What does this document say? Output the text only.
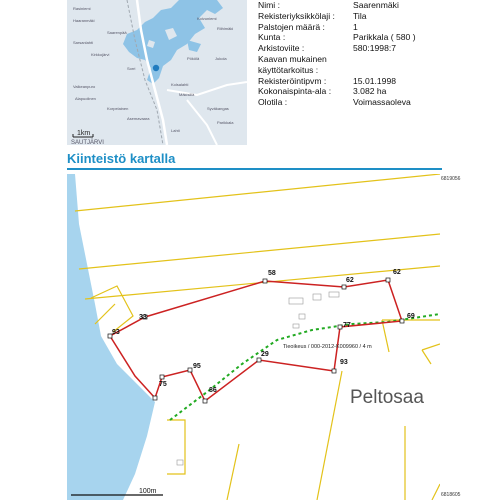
Rasiniemi
Haaranmäki
Saarenpää
Sarsanlahti
Kirkkojärvi
Koivuniemi
Riihimäki
Sorri
Kolsalahti
Mäkisillä
Valkeanpuro
Alapuolinen
Korpelainen
Asemavaara
Syväkangas
Parikkala
Lahti
Jukola
Pökölä
SAUTJÄRVI
1km
Nimi :	Saarenmäki
Rekisteriyksikkölaji : Tila
Palstojen määrä :	1
Kunta :	Parikkala ( 580 )
Arkistoviite :	580:1998:7
Kaavan mukainen
käyttötarkoitus :
Rekisteröintipvm :	15.01.1998
Kokonaispinta-ala :	3.082 ha
Olotila :	Voimassaoleva
Kiinteistö kartalla
58
62
62
69
77
93
29
86
75
95
93
33
Tieoikeus / 000-2012-K009960 / 4 m
Peltosaa
100m
6819056
6818605
